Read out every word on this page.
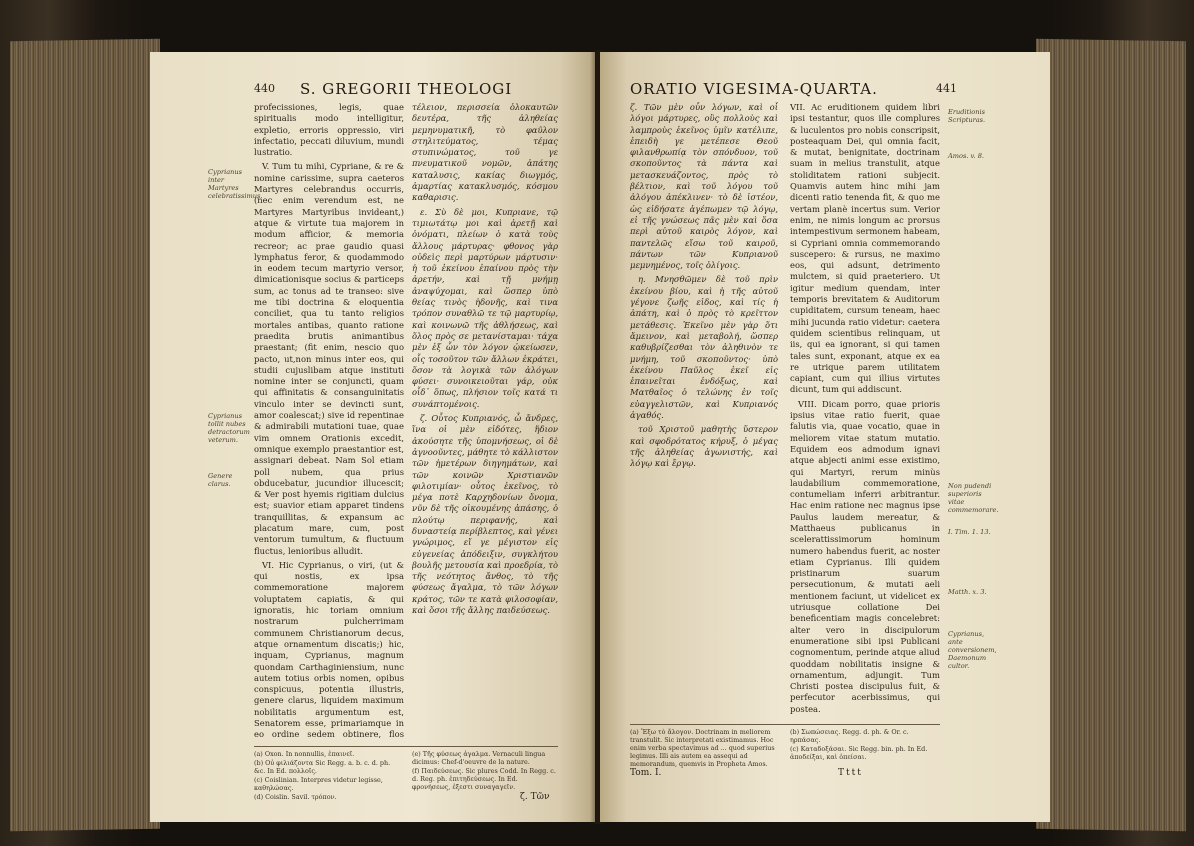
440 S. GREGORII THEOLOGI

profecissiones, legis, quae spiritualis modo intelligitur, expletio, erroris oppressio, viri infectatio, peccati diluvium, mundi lustratio.

V. Tum tu mihi, Cypriane, & re & nomine carissime, supra caeteros Martyres celebrandus occurris, (nec enim verendum est, ne Martyres Martyribus invideant,) atque & virtute tua majorem in modum afficior, & memoria recreor; ac prae gaudio quasi lymphatus feror, & quodammodo in eodem tecum martyrio versor, dimicationisque socius & particeps sum, ac tonus ad te transeo: sive me tibi doctrina & eloquentia conciliet, qua tu tanto religios mortales antibas, quanto ratione praedita brutis animantibus praestant; (fit enim, nescio quo pacto, ut,non minus inter eos, qui studii cujuslibam atque instituti nomine inter se conjuncti, quam qui affinitatis & consanguinitatis vinculo inter se devincti sunt, amor coalescat;) sive id repentinae & admirabili mutationi tuae, quae vim omnem Orationis excedit, omnique exemplo praestantior est, assignari debeat. Nam Sol etiam poll nubem, qua prius obducebatur, jucundior illucescit; & Ver post hyemis rigitiam dulcius est; suavior etiam apparet tindens tranquillitas, & expansum ac placatum mare, cum, post ventorum tumultum, & fluctuum fluctus, lenioribus alludit.

VI. Hic Cyprianus, o viri, (ut & qui nostis, ex ipsa commemoratione majorem voluptatem capiatis, & qui ignoratis, hic toriam omnium nostrarum pulcherrimam communem Christianorum decus, atque ornamentum discatis;) hic, inquam, Cyprianus, magnum quondam Carthaginiensium, nunc autem totius orbis nomen, opibus conspicuus, potentia illustris, genere clarus, liquidem maximum nobilitatis argumentum est, Senatorem esse, primariamque in eo ordine sedem obtinere, flos

τέλειον, περισσεία ὁλοκαυτῶν δευτέρα, τῆς ἀληθείας μεμηνυματικῆ, τὸ φαῦλον στηλιτεύματος, τέμας στυπινώματος, τοῦ γε πνευματικοῦ νομῶν, ἀπάτης καταλυσις, κακίας διωγμός, ἁμαρτίας κατακλυσμός, κόσμου καθαρισις.

ε. Σὺ δὲ μοι, Κυπριανε, τῷ τιμιωτάτῳ μοι καὶ ἀρετῇ καὶ ὀνόματι, πλείων ὁ κατὰ τοὺς ἄλλους μάρτυρας· φθονος γὰρ οὐδεὶς περὶ μαρτύρων μάρτυσιν· ἡ τοῦ ἐκείνου ἐπαίνου πρὸς τὴν ἀρετήν, καὶ τῇ μνήμῃ ἀναψύχομαι, καὶ ὥσπερ ὑπὸ θείας τινὸς ἡδονῆς, καὶ τινα τρόπον συναθλῶ τε τῷ μαρτυρίῳ, καὶ κοινωνῶ τῆς ἀθλήσεως, καὶ ὅλος πρὸς σε μετανίσταμαι· τάχα μὲν ἐξ ὧν τὸν λόγον ᾠκείωσεν, οἷς τοσοῦτον τῶν ἄλλων ἐκράτει, ὅσον τὰ λογικὰ τῶν ἀλόγων φύσει· συνοικειοῦται γάρ, οὐκ οἶδ᾽ ὅπως, πλήσιον τοῖς κατά τι συνάπτομένοις.

ζ. Οὗτος Κυπριανός, ὦ ἄνδρες, ἵνα οἱ μὲν εἰδότες, ἥδιον ἀκούσητε τῆς ὑπομνήσεως, οἱ δὲ ἀγνοοῦντες, μάθητε τὸ κάλλιστον τῶν ἡμετέρων διηγημάτων, καὶ τῶν κοινῶν Χριστιανῶν φιλοτιμίαν· οὗτος ἐκεῖνος, τὸ μέγα ποτὲ Καρχηδονίων ὄνομα, νῦν δὲ τῆς οἰκουμένης ἁπάσης, ὁ πλούτῳ περιφανής, καὶ δυναστείᾳ περίβλεπτος, καὶ γένει γνώριμος, εἴ γε μέγιστον εἰς εὐγενείας ἀπόδειξιν, συγκλήτου βουλῆς μετουσία καὶ προεδρία, τὸ τῆς νεότητος ἄνθος, τὸ τῆς φύσεως ἄγαλμα, τὸ τῶν λόγων κράτος, τῶν τε κατὰ φιλοσοφίαν, καὶ ὅσοι τῆς ἄλλης παιδεύσεως.

Cyprianus inter Martyres celebratissimus.
Cyprianus tollit nubes detractorum veterum.
Genere clarus.
(a) Oxon. In nonnullis, ἐπαινεῖ.
(b) Οὐ φιλιάζοντα Sic Regg. a. b. c. d. ph. &c. In Ed. πολλοῖς.
(c) Coislinian. Interpres videtur legisse, καθηλώσας.
(d) Coislin. Savil. τρόπον.
(e) Τῆς φύσεως ἀγαλμα. Vernaculi lingua dicimus: Chef-d'oeuvre de la nature.
(f) Παιδεύσεως. Sic plures Codd. In Regg. c. d. Reg. ph. ἐπιτηδεύσεως. In Ed. φρονήσεως, ἐξεστι συναγαγεῖν.
ζ. Τῶν
ORATIO VIGESIMA-QUARTA.	441

ζ. Τῶν μὲν οὖν λόγων, καὶ οἷ λόγοι μάρτυρες, οὓς πολλοὺς καὶ λαμπροὺς ἐκεῖνος ὑμῖν κατέλιπε, ἐπειδὴ γε μετέπεσε Θεοῦ φιλανθρωπίᾳ τὸν σπόνδυον, τοῦ σκοποῦντος τὰ πάντα καὶ μετασκευάζοντος, πρὸς τὸ βέλτιον, καὶ τοῦ λόγου τοῦ ἀλόγου ἀπέκλινεν· τὸ δὲ ἱστέον, ὡς εἰδήσατε ἀγέπωμεν τῷ λόγῳ, εἰ τῆς γνώσεως πᾶς μὲν καὶ ὅσα περὶ αὐτοῦ καιρὸς λόγον, καὶ παντελῶς εἴσω τοῦ καιροῦ, πάντων τῶν Κυπριανοῦ μεμνημένος, τοῖς ὁλίγοις.

η. Μνησθῶμεν δὲ τοῦ πρὶν ἐκείνου βίου, καὶ ἡ τῆς αὐτοῦ γέγονε ζωῆς εἰδος, καὶ τίς ἡ ἀπάτη, καὶ ὁ πρὸς τὸ κρεῖττον μετάθεσις. Ἐκεῖνο μὲν γὰρ ὅτι ἄμεινον, καὶ μεταβολή, ὥσπερ καθυβρίζεσθαι τὸν ἀληθινὸν τε μνήμη, τοῦ σκοποῦντος· ὑπὸ ἐκείνου Παῦλος ἐκεῖ εἰς ἐπαινεῖται ἐνδόξως, καὶ Ματθαῖος ὁ τελώνης ἐν τοῖς εὐαγγελιστῶν, καὶ Κυπριανός ἀγαθός.

τοῦ Χριστοῦ μαθητὴς ὕστερον καὶ σφοδρότατος κήρυξ, ὁ μέγας τῆς ἀληθείας ἀγωνιστής, καὶ λόγῳ καὶ ἔργῳ.

VII. Ac eruditionem quidem libri ipsi testantur, quos ille complures & luculentos pro nobis conscripsit, posteaquam Dei, qui omnia facit, & mutat, benignitate, doctrinam suam in melius transtulit, atque stoliditatem rationi subjecit. Quamvis autem hinc mihi jam dicenti ratio tenenda fit, & quo me vertam planè incertus sum. Verior enim, ne nimis longum ac prorsus intempestivum sermonem habeam, si Cypriani omnia commemorando suscepero: & rursus, ne maximo eos, qui adsunt, detrimento mulctem, si quid praeteriero. Ut igitur medium quendam, inter temporis brevitatem & Auditorum cupiditatem, cursum teneam, haec mihi jucunda ratio videtur: caetera quidem scientibus relinquam, ut iis, qui ea ignorant, si qui tamen tales sunt, exponant, atque ex ea re utrique parem utilitatem capiant, cum qui illius virtutes dicunt, tum qui addiscunt.

VIII. Dicam porro, quae prioris ipsius vitae ratio fuerit, quae falutis via, quae vocatio, quae in meliorem vitae statum mutatio. Equidem eos admodum ignavi atque abjecti animi esse existimo, qui Martyri, rerum minùs laudabilium commemoratione, contumeliam inferri arbitrantur. Hac enim ratione nec magnus ipse Paulus laudem mereatur, & Matthaeus publicanus in scelerattissimorum hominum numero habendus fuerit, ac noster etiam Cyprianus. Illi quidem pristinarum suarum persecutionum, & mutati aeli mentionem faciunt, ut videlicet ex utriusque collatione Dei beneficentiam magis concelebret: alter vero in discipulorum enumeratione sibi ipsi Publicani cognomentum, perinde atque aliud quoddam nobilitatis insigne & ornamentum, adjungit. Tum Christi postea discipulus fuit, & perfecutor acerbissimus, qui postea.

Eruditionis Scripturas.
Amos. v. 8.
Non pudendi superioris vitae commemorare.
I. Tim. 1. 13.
Matth. x. 3.
Cyprianus, ante conversionem, Daemonum cultor.
(a) Ἔξω τὸ ἄλογον. Doctrinam in meliorem transtulit. Sic interpretati existimamus. Hoc enim verba spectavimus ad ... quod superius legimus. Illi ais autem ea assequi ad memorandum, quemvis in Propheta Amos.
(b) Σωπώσειας. Regg. d. ph. & Or. c. ηρπάσας.
(c) Καταδοξάσαι. Sic Regg. bin. ph. In Ed. ἀποδείξαι, καὶ ὁπείσαι.
Tom. I.	Tttt
